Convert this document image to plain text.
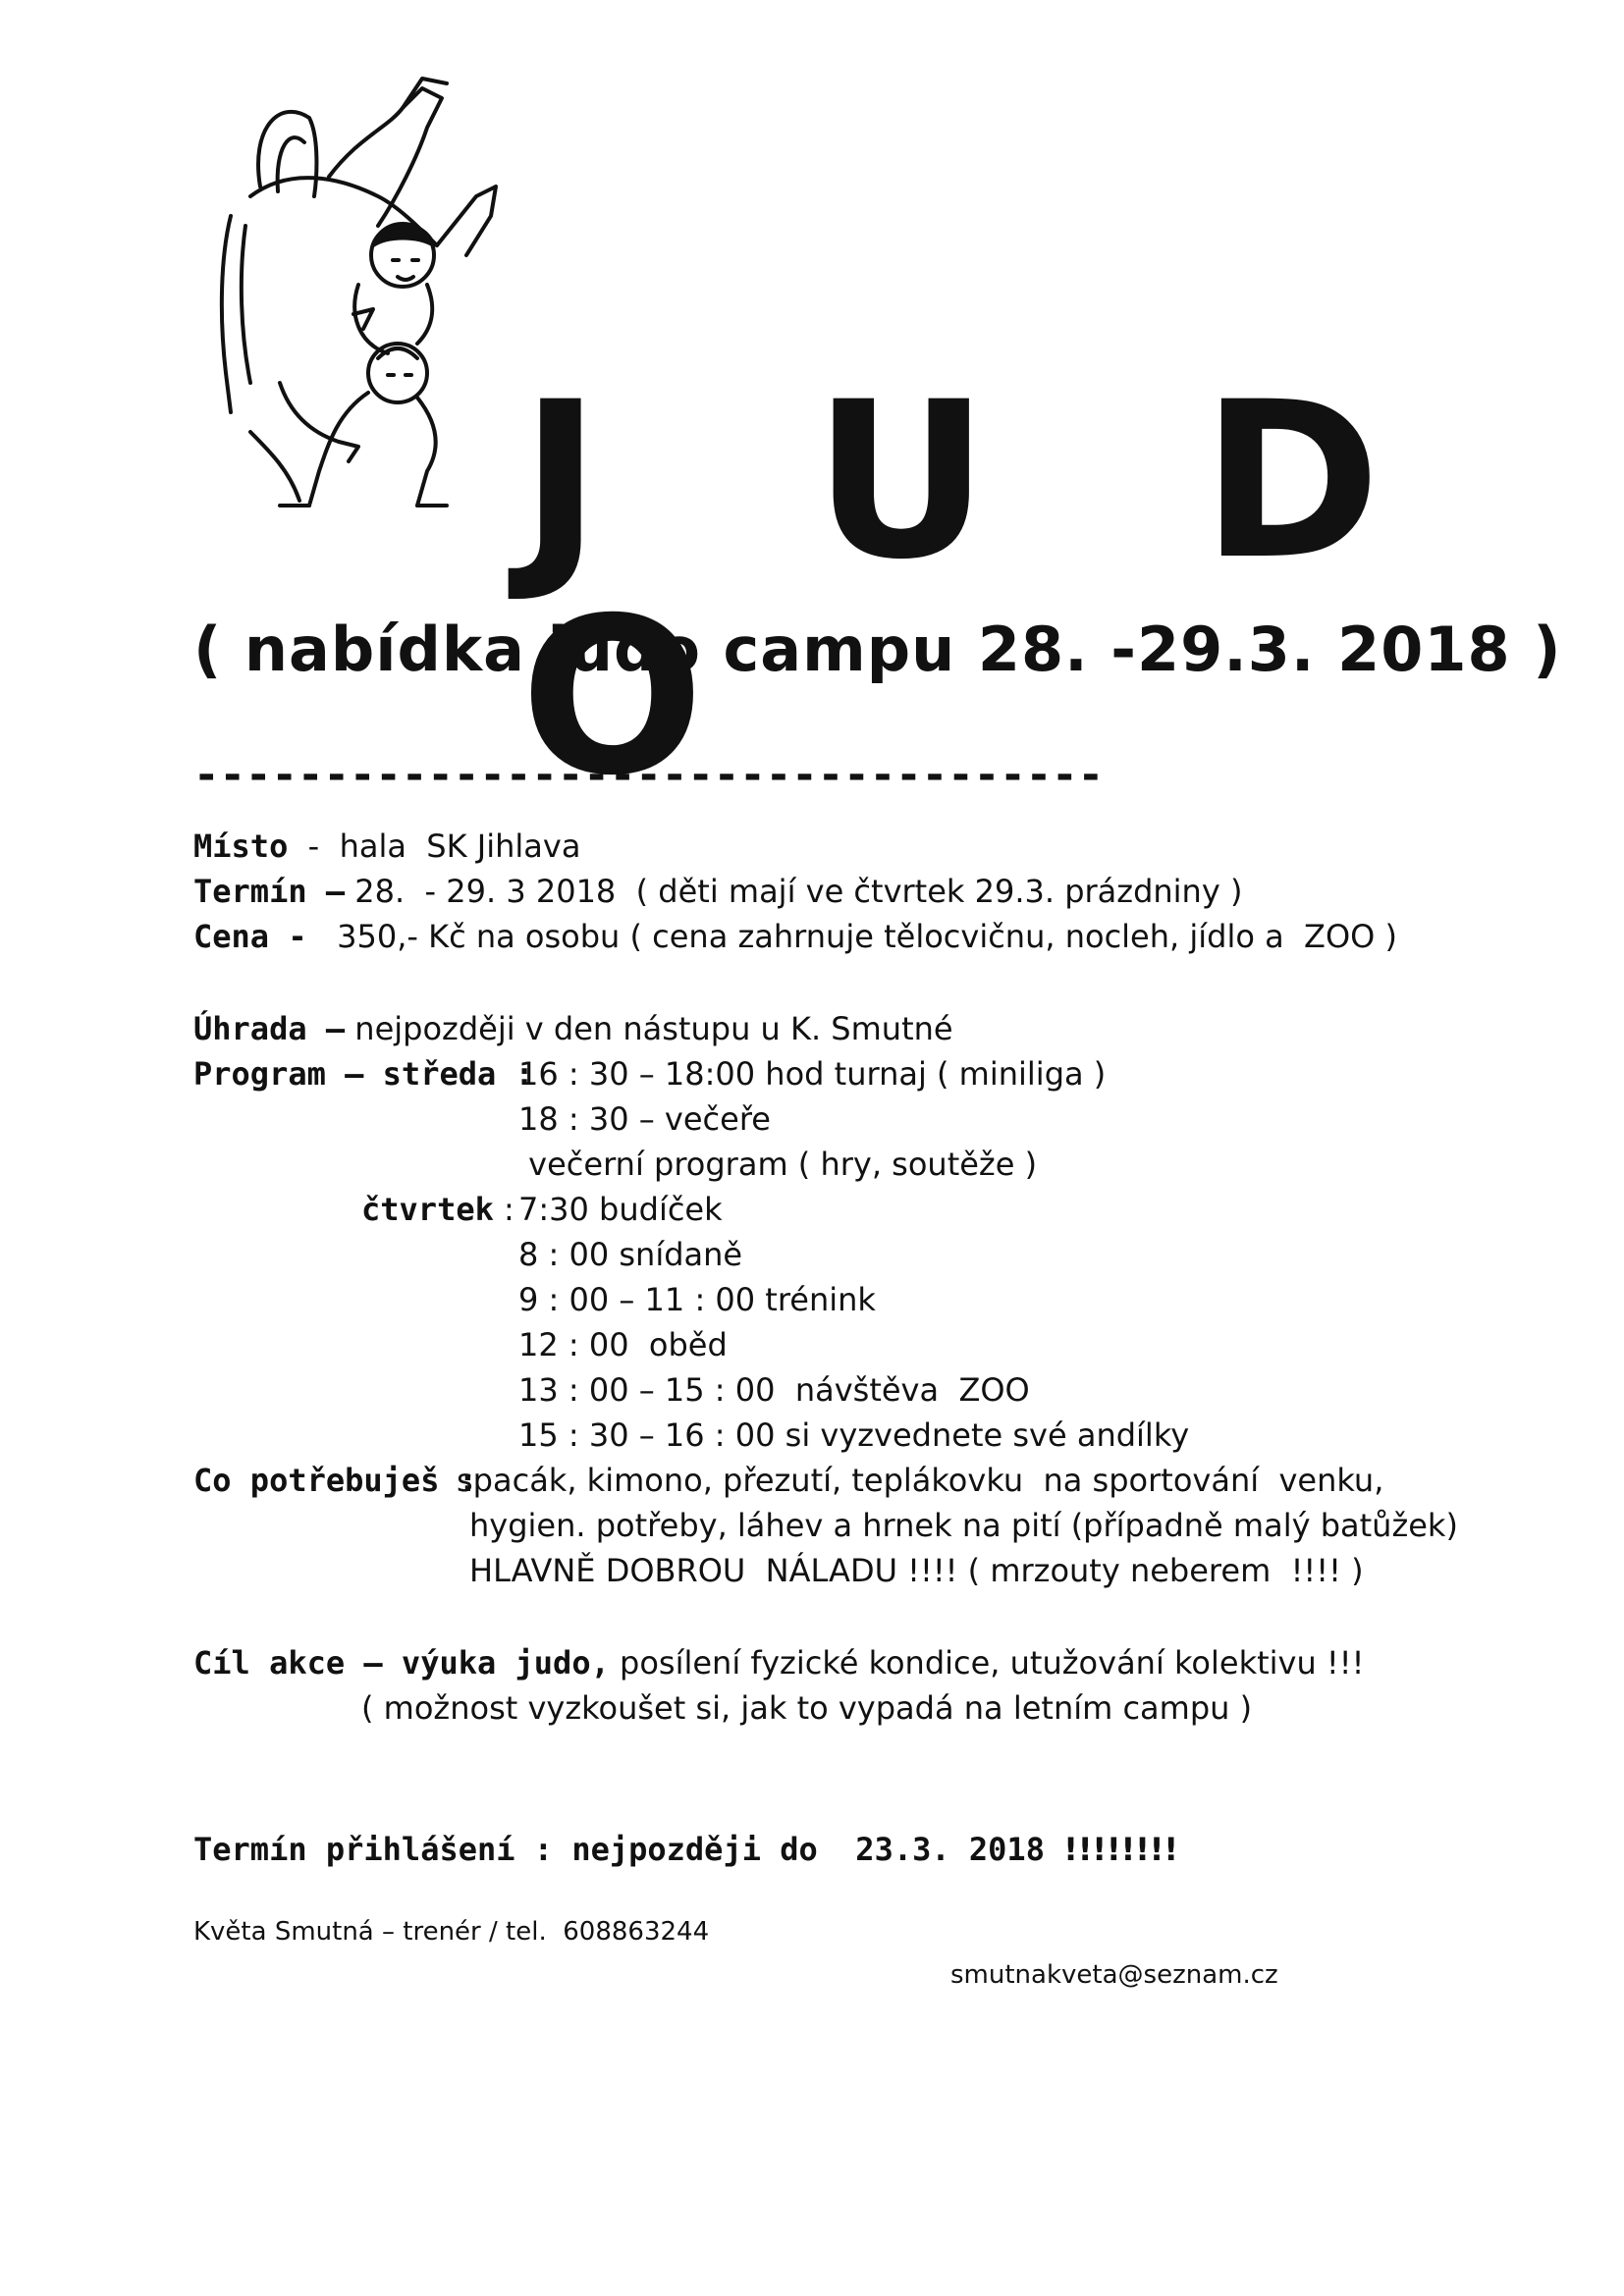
J U D O
( nabídka judo campu 28. -29.3. 2018 )
-----------------------------------
Místo  -  hala  SK Jihlava
Termín – 28.  - 29. 3 2018  ( děti mají ve čtvrtek 29.3. prázdniny )
Cena -   350,- Kč na osobu ( cena zahrnuje tělocvičnu, nocleh, jídlo a  ZOO )
Úhrada – nejpozději v den nástupu u K. Smutné
Program – středa :
16 : 30 – 18:00 hod turnaj ( miniliga )
18 : 30 – večeře
večerní program ( hry, soutěže )
čtvrtek :
7:30 budíček
8 : 00 snídaně
9 : 00 – 11 : 00 trénink
12 : 00  oběd
13 : 00 – 15 : 00  návštěva  ZOO
15 : 30 – 16 : 00 si vyzvednete své andílky
Co potřebuješ :
spacák, kimono, přezutí, teplákovku  na sportování  venku,
hygien. potřeby, láhev a hrnek na pití (případně malý batůžek)
HLAVNĚ DOBROU  NÁLADU !!!! ( mrzouty neberem  !!!! )
Cíl akce – výuka judo, posílení fyzické kondice, utužování kolektivu !!!
( možnost vyzkoušet si, jak to vypadá na letním campu )
Termín přihlášení : nejpozději do  23.3. 2018 !!!!!!!!
Květa Smutná – trenér / tel.  608863244
smutnakveta@seznam.cz
